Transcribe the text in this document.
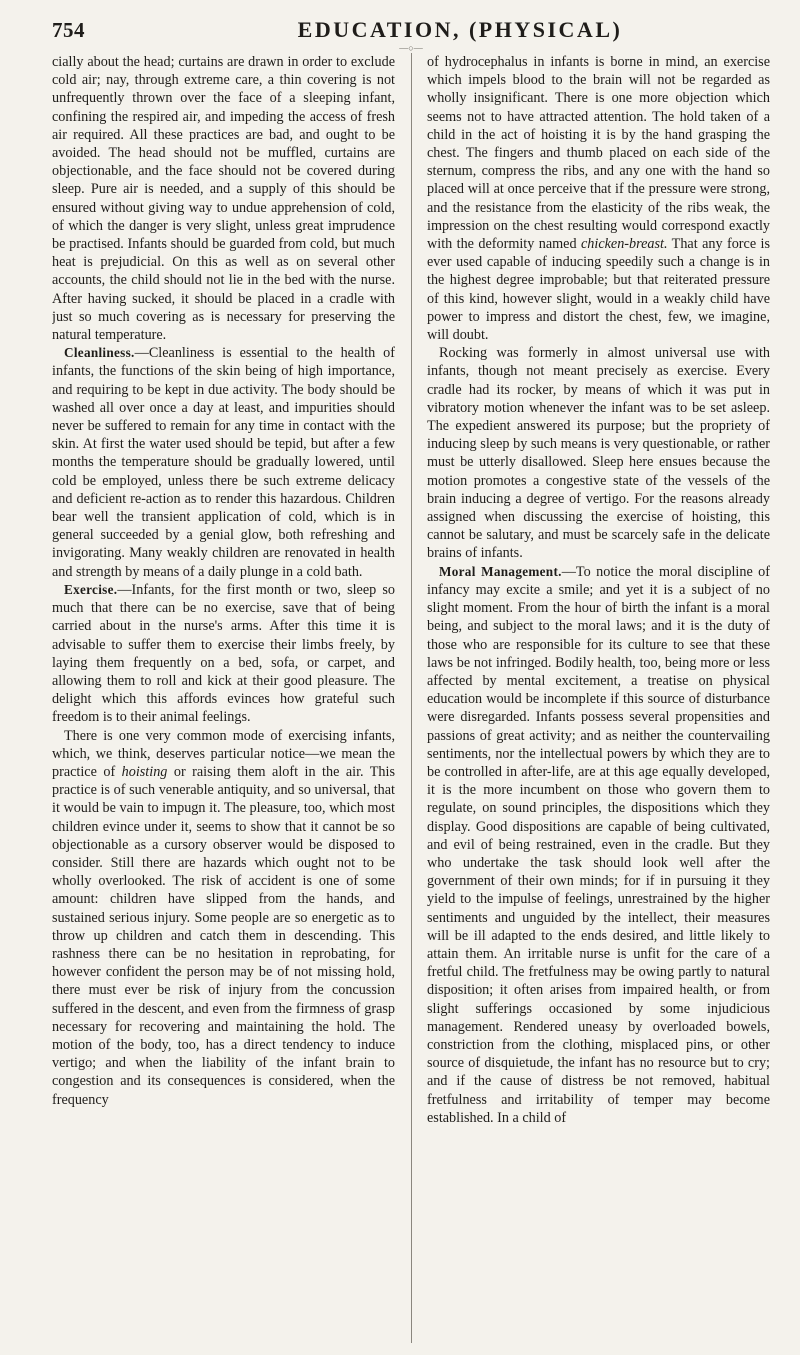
754	EDUCATION, (PHYSICAL)
—○—

cially about the head; curtains are drawn in order to exclude cold air; nay, through extreme care, a thin covering is not unfrequently thrown over the face of a sleeping infant, confining the respired air, and impeding the access of fresh air required. All these practices are bad, and ought to be avoided. The head should not be muffled, curtains are objectionable, and the face should not be covered during sleep. Pure air is needed, and a supply of this should be ensured without giving way to undue apprehension of cold, of which the danger is very slight, unless great imprudence be practised. Infants should be guarded from cold, but much heat is prejudicial. On this as well as on several other accounts, the child should not lie in the bed with the nurse. After having sucked, it should be placed in a cradle with just so much covering as is necessary for preserving the natural temperature.

Cleanliness.—Cleanliness is essential to the health of infants, the functions of the skin being of high importance, and requiring to be kept in due activity. The body should be washed all over once a day at least, and impurities should never be suffered to remain for any time in contact with the skin. At first the water used should be tepid, but after a few months the temperature should be gradually lowered, until cold be employed, unless there be such extreme delicacy and deficient re-action as to render this hazardous. Children bear well the transient application of cold, which is in general succeeded by a genial glow, both refreshing and invigorating. Many weakly children are renovated in health and strength by means of a daily plunge in a cold bath.

Exercise.—Infants, for the first month or two, sleep so much that there can be no exercise, save that of being carried about in the nurse's arms. After this time it is advisable to suffer them to exercise their limbs freely, by laying them frequently on a bed, sofa, or carpet, and allowing them to roll and kick at their good pleasure. The delight which this affords evinces how grateful such freedom is to their animal feelings.

There is one very common mode of exercising infants, which, we think, deserves particular notice—we mean the practice of hoisting or raising them aloft in the air. This practice is of such venerable antiquity, and so universal, that it would be vain to impugn it. The pleasure, too, which most children evince under it, seems to show that it cannot be so objectionable as a cursory observer would be disposed to consider. Still there are hazards which ought not to be wholly overlooked. The risk of accident is one of some amount: children have slipped from the hands, and sustained serious injury. Some people are so energetic as to throw up children and catch them in descending. This rashness there can be no hesitation in reprobating, for however confident the person may be of not missing hold, there must ever be risk of injury from the concussion suffered in the descent, and even from the firmness of grasp necessary for recovering and maintaining the hold. The motion of the body, too, has a direct tendency to induce vertigo; and when the liability of the infant brain to congestion and its consequences is considered, when the frequency

of hydrocephalus in infants is borne in mind, an exercise which impels blood to the brain will not be regarded as wholly insignificant. There is one more objection which seems not to have attracted attention. The hold taken of a child in the act of hoisting it is by the hand grasping the chest. The fingers and thumb placed on each side of the sternum, compress the ribs, and any one with the hand so placed will at once perceive that if the pressure were strong, and the resistance from the elasticity of the ribs weak, the impression on the chest resulting would correspond exactly with the deformity named chicken-breast. That any force is ever used capable of inducing speedily such a change is in the highest degree improbable; but that reiterated pressure of this kind, however slight, would in a weakly child have power to impress and distort the chest, few, we imagine, will doubt.

Rocking was formerly in almost universal use with infants, though not meant precisely as exercise. Every cradle had its rocker, by means of which it was put in vibratory motion whenever the infant was to be set asleep. The expedient answered its purpose; but the propriety of inducing sleep by such means is very questionable, or rather must be utterly disallowed. Sleep here ensues because the motion promotes a congestive state of the vessels of the brain inducing a degree of vertigo. For the reasons already assigned when discussing the exercise of hoisting, this cannot be salutary, and must be scarcely safe in the delicate brains of infants.

Moral Management.—To notice the moral discipline of infancy may excite a smile; and yet it is a subject of no slight moment. From the hour of birth the infant is a moral being, and subject to the moral laws; and it is the duty of those who are responsible for its culture to see that these laws be not infringed. Bodily health, too, being more or less affected by mental excitement, a treatise on physical education would be incomplete if this source of disturbance were disregarded. Infants possess several propensities and passions of great activity; and as neither the countervailing sentiments, nor the intellectual powers by which they are to be controlled in after-life, are at this age equally developed, it is the more incumbent on those who govern them to regulate, on sound principles, the dispositions which they display. Good dispositions are capable of being cultivated, and evil of being restrained, even in the cradle. But they who undertake the task should look well after the government of their own minds; for if in pursuing it they yield to the impulse of feelings, unrestrained by the higher sentiments and unguided by the intellect, their measures will be ill adapted to the ends desired, and little likely to attain them. An irritable nurse is unfit for the care of a fretful child. The fretfulness may be owing partly to natural disposition; it often arises from impaired health, or from slight sufferings occasioned by some injudicious management. Rendered uneasy by overloaded bowels, constriction from the clothing, misplaced pins, or other source of disquietude, the infant has no resource but to cry; and if the cause of distress be not removed, habitual fretfulness and irritability of temper may become established. In a child of
